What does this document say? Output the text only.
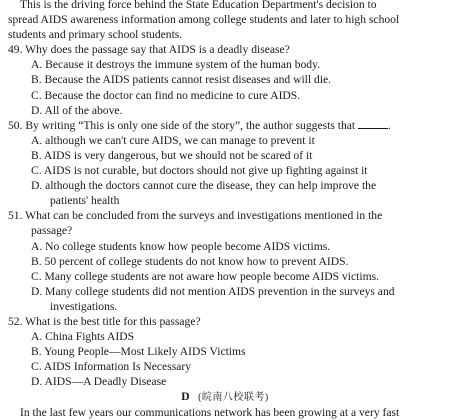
This is the driving force behind the State Education Department's decision to
spread AIDS awareness information among college students and later to high school
students and primary school students.
49. Why does the passage say that AIDS is a deadly disease?
A. Because it destroys the immune system of the human body.
B. Because the AIDS patients cannot resist diseases and will die.
C. Because the doctor can find no medicine to cure AIDS.
D. All of the above.
50. By writing “This is only one side of the story”, the author suggests that	.
A. although we can't cure AIDS, we can manage to prevent it
B. AIDS is very dangerous, but we should not be scared of it
C. AIDS is not curable, but doctors should not give up fighting against it
D. although the doctors cannot cure the disease, they can help improve the
patients' health
51. What can be concluded from the surveys and investigations mentioned in the
passage?
A. No college students know how people become AIDS victims.
B. 50 percent of college students do not know how to prevent AIDS.
C. Many college students are not aware how people become AIDS victims.
D. Many college students did not mention AIDS prevention in the surveys and
investigations.
52. What is the best title for this passage?
A. China Fights AIDS
B. Young People—Most Likely AIDS Victims
C. AIDS Information Is Necessary
D. AIDS—A Deadly Disease
D (皖南八校联考)
In the last few years our communications network has been growing at a very fast
